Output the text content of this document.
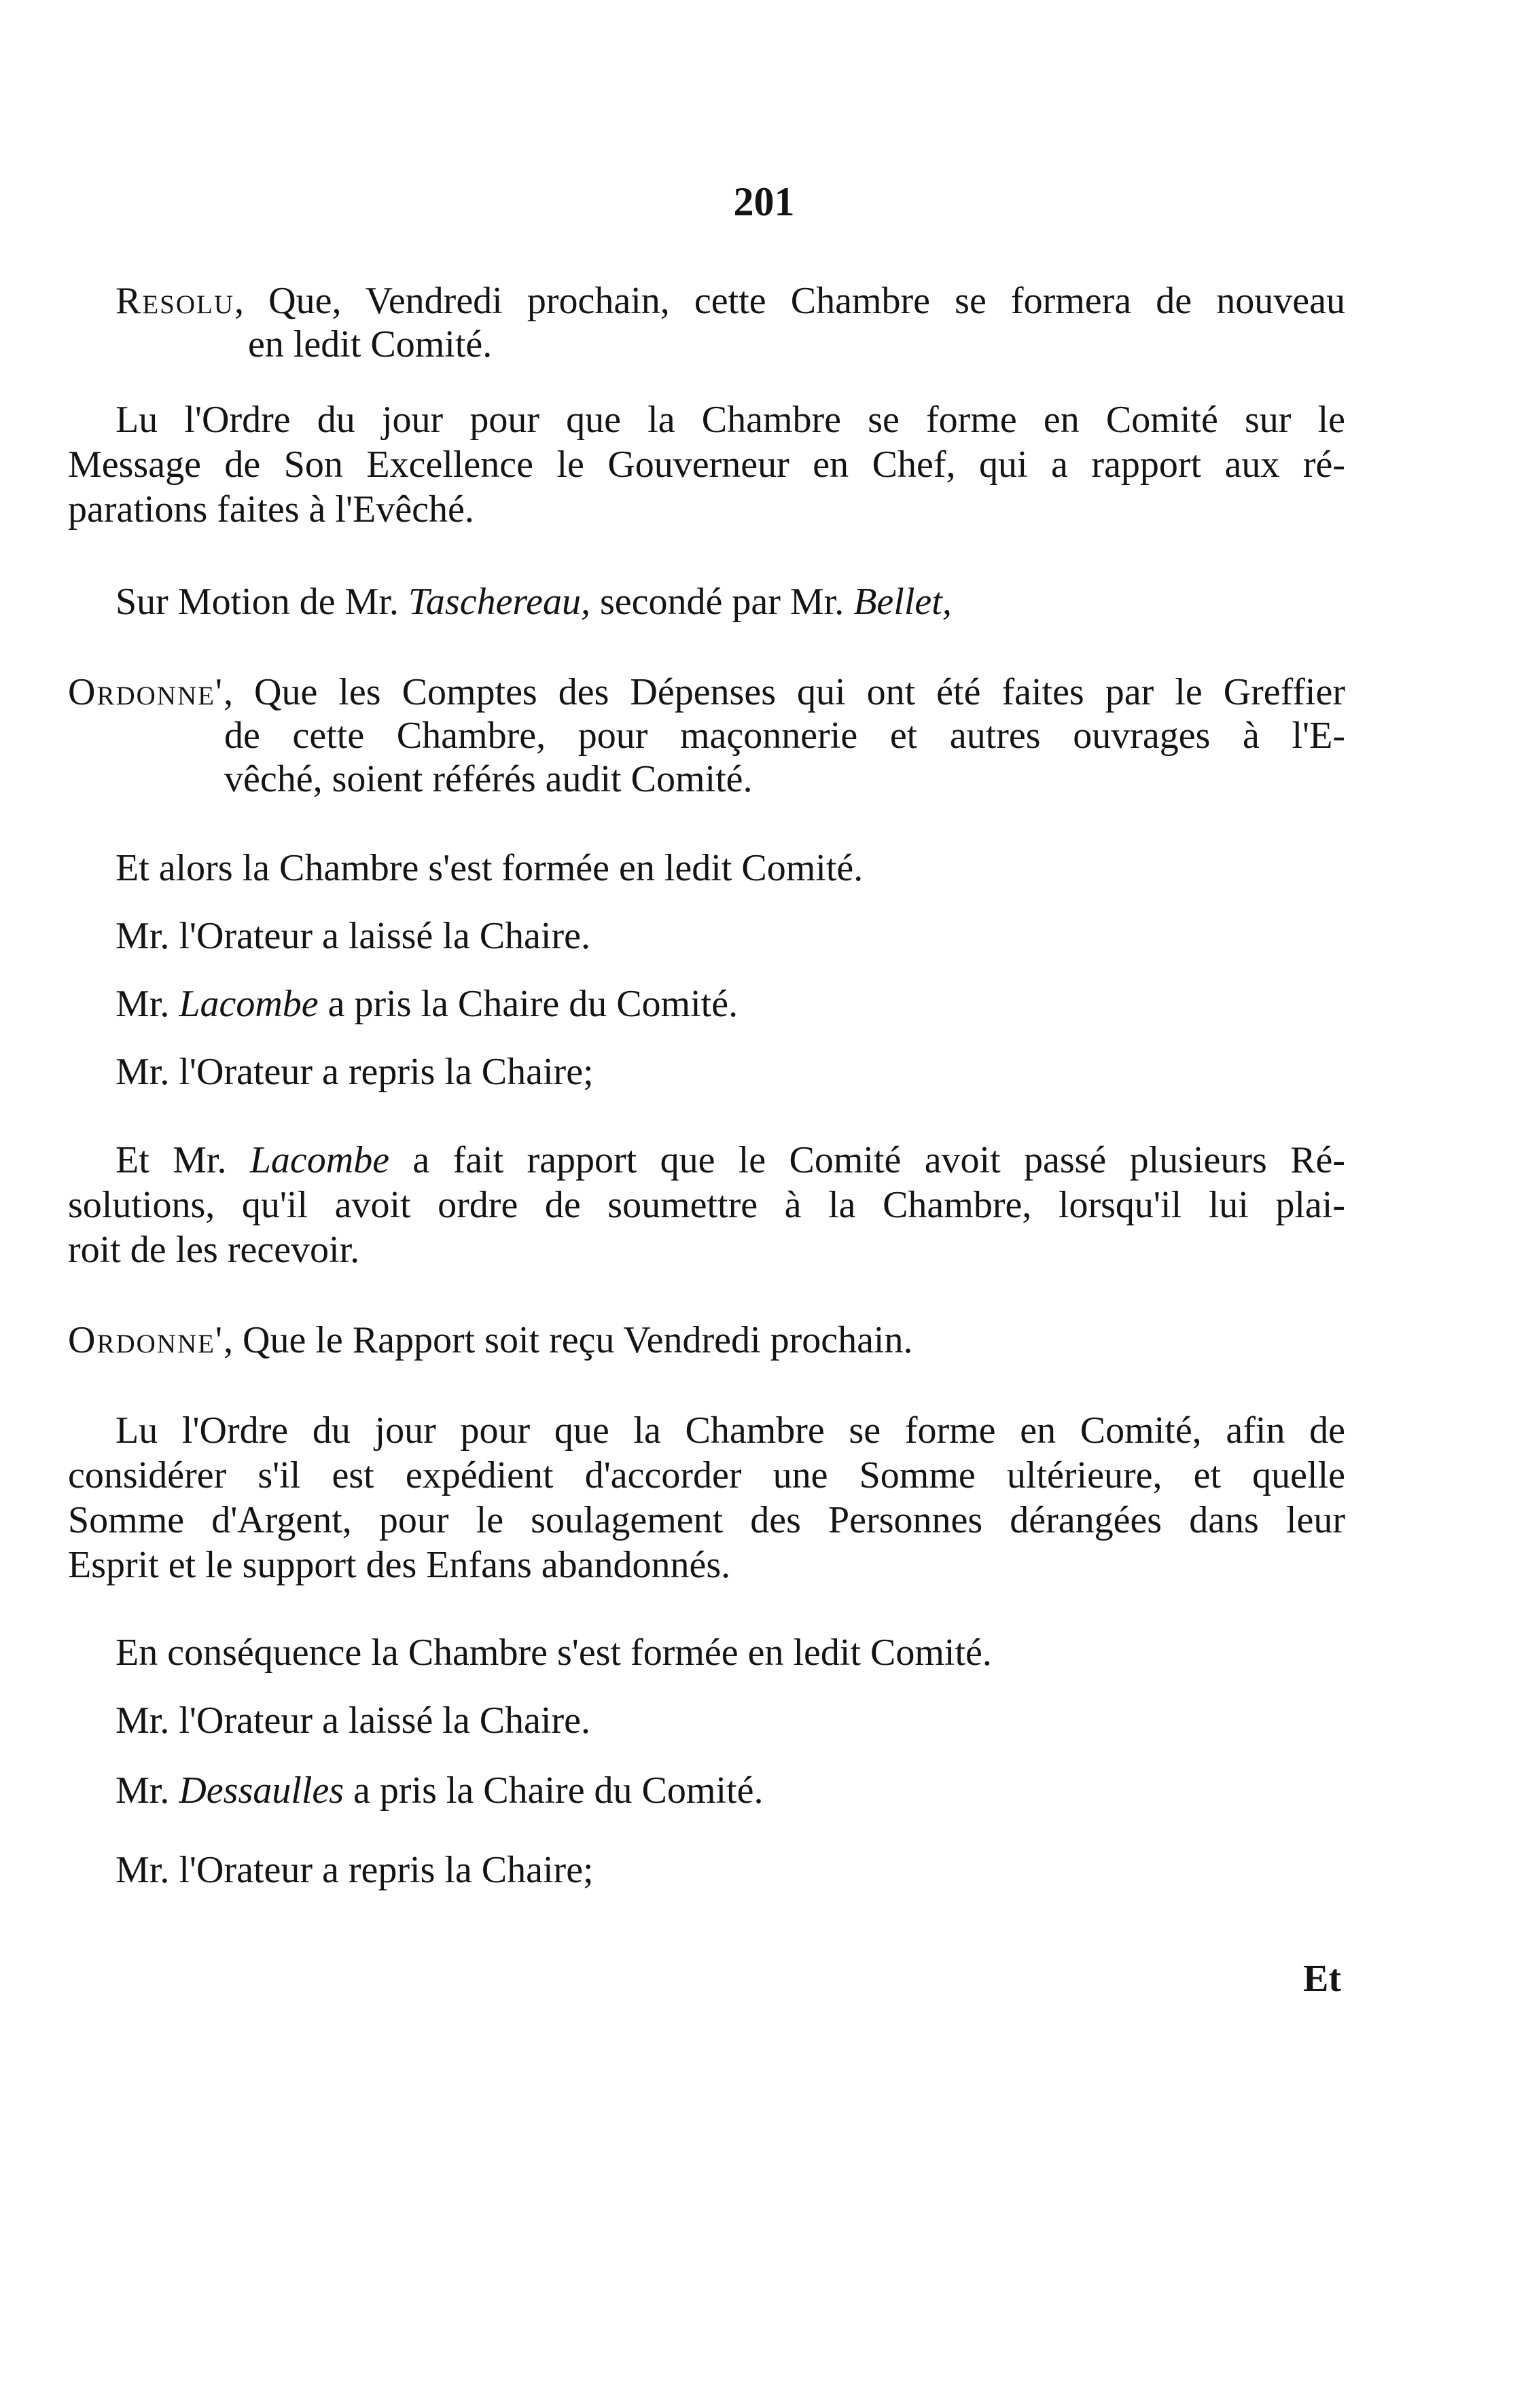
201
Resolu, Que, Vendredi prochain, cette Chambre se formera de nouveau
en ledit Comité.
Lu l'Ordre du jour pour que la Chambre se forme en Comité sur le
Message de Son Excellence le Gouverneur en Chef, qui a rapport aux ré-
parations faites à l'Evêché.
Sur Motion de Mr. Taschereau, secondé par Mr. Bellet,
Ordonne', Que les Comptes des Dépenses qui ont été faites par le Greffier
de cette Chambre, pour maçonnerie et autres ouvrages à l'E-
vêché, soient référés audit Comité.
Et alors la Chambre s'est formée en ledit Comité.
Mr. l'Orateur a laissé la Chaire.
Mr. Lacombe a pris la Chaire du Comité.
Mr. l'Orateur a repris la Chaire;
Et Mr. Lacombe a fait rapport que le Comité avoit passé plusieurs Ré-
solutions, qu'il avoit ordre de soumettre à la Chambre, lorsqu'il lui plai-
roit de les recevoir.
Ordonne', Que le Rapport soit reçu Vendredi prochain.
Lu l'Ordre du jour pour que la Chambre se forme en Comité, afin de
considérer s'il est expédient d'accorder une Somme ultérieure, et quelle
Somme d'Argent, pour le soulagement des Personnes dérangées dans leur
Esprit et le support des Enfans abandonnés.
En conséquence la Chambre s'est formée en ledit Comité.
Mr. l'Orateur a laissé la Chaire.
Mr. Dessaulles a pris la Chaire du Comité.
Mr. l'Orateur a repris la Chaire;
Et
